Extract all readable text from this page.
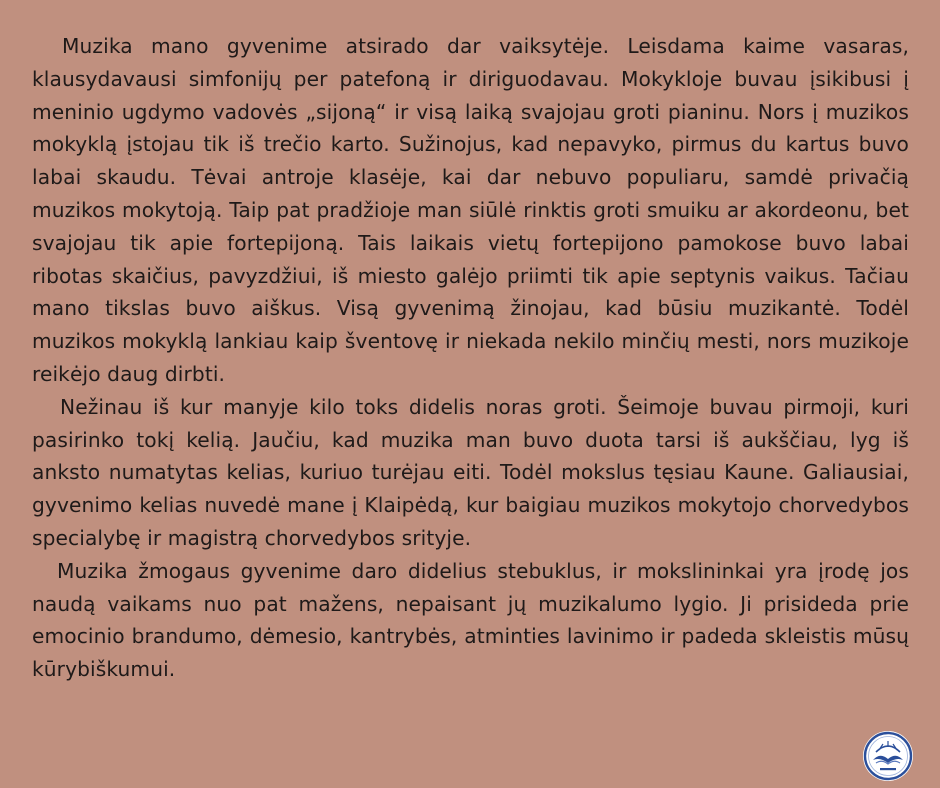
Muzika mano gyvenime atsirado dar vaiksytėje. Leisdama kaime vasaras, klausydavausi simfonijų per patefoną ir diriguodavau. Mokykloje buvau įsikibusi į meninio ugdymo vadovės „sijoną“ ir visą laiką svajojau groti pianinu. Nors į muzikos mokyklą įstojau tik iš trečio karto. Sužinojus, kad nepavyko, pirmus du kartus buvo labai skaudu. Tėvai antroje klasėje, kai dar nebuvo populiaru, samdė privačią muzikos mokytoją. Taip pat pradžioje man siūlė rinktis groti smuiku ar akordeonu, bet svajojau tik apie fortepijoną. Tais laikais vietų fortepijono pamokose buvo labai ribotas skaičius, pavyzdžiui, iš miesto galėjo priimti tik apie septynis vaikus. Tačiau mano tikslas buvo aiškus. Visą gyvenimą žinojau, kad būsiu muzikantė. Todėl muzikos mokyklą lankiau kaip šventovę ir niekada nekilo minčių mesti, nors muzikoje reikėjo daug dirbti.

Nežinau iš kur manyje kilo toks didelis noras groti. Šeimoje buvau pirmoji, kuri pasirinko tokį kelią. Jaučiu, kad muzika man buvo duota tarsi iš aukščiau, lyg iš anksto numatytas kelias, kuriuo turėjau eiti. Todėl mokslus tęsiau Kaune. Galiausiai, gyvenimo kelias nuvedė mane į Klaipėdą, kur baigiau muzikos mokytojo chorvedybos specialybę ir magistrą chorvedybos srityje.

Muzika žmogaus gyvenime daro didelius stebuklus, ir mokslininkai yra įrodę jos naudą vaikams nuo pat mažens, nepaisant jų muzikalumo lygio. Ji prisideda prie emocinio brandumo, dėmesio, kantrybės, atminties lavinimo ir padeda skleistis mūsų kūrybiškumui.
